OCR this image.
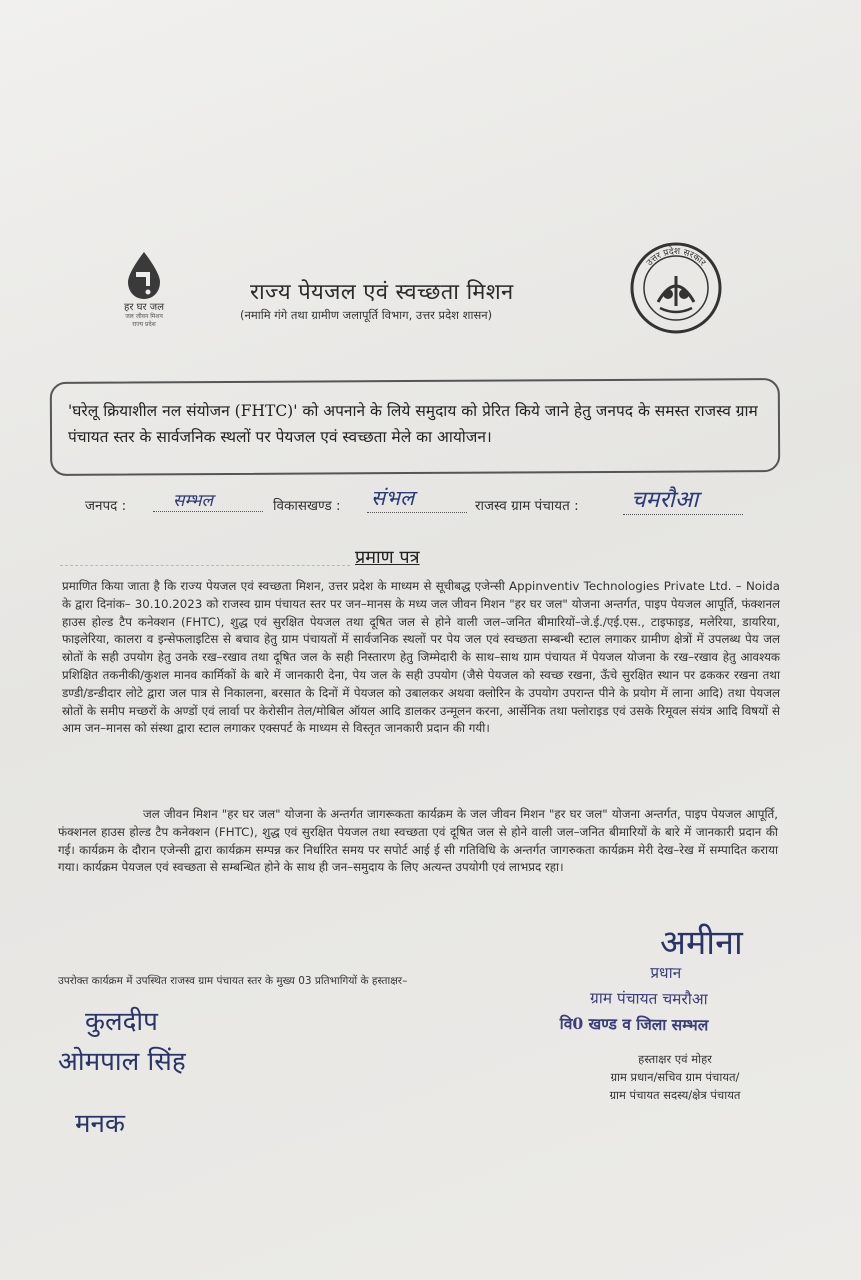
हर घर जल
जल जीवन मिशन
राज्य प्रदेश
राज्य पेयजल एवं स्वच्छता मिशन
(नमामि गंगे तथा ग्रामीण जलापूर्ति विभाग, उत्तर प्रदेश शासन)
उत्तर प्रदेश सरकार
'घरेलू क्रियाशील नल संयोजन (FHTC)' को अपनाने के लिये समुदाय को प्रेरित किये जाने हेतु जनपद के समस्त राजस्व ग्राम पंचायत स्तर के सार्वजनिक स्थलों पर पेयजल एवं स्वच्छता मेले का आयोजन।
जनपद :	सम्भल	विकासखण्ड : संभल	राजस्व ग्राम पंचायत :	चमरौआ
प्रमाण पत्र
प्रमाणित किया जाता है कि राज्य पेयजल एवं स्वच्छता मिशन, उत्तर प्रदेश के माध्यम से सूचीबद्ध एजेन्सी Appinventiv Technologies Private Ltd. – Noida के द्वारा दिनांक– 30.10.2023 को राजस्व ग्राम पंचायत स्तर पर जन–मानस के मध्य जल जीवन मिशन "हर घर जल" योजना अन्तर्गत, पाइप पेयजल आपूर्ति, फंक्शनल हाउस होल्ड टैप कनेक्शन (FHTC), शुद्ध एवं सुरक्षित पेयजल तथा दूषित जल से होने वाली जल–जनित बीमारियों–जे.ई./एई.एस., टाइफाइड, मलेरिया, डायरिया, फाइलेरिया, कालरा व इन्सेफलाइटिस से बचाव हेतु ग्राम पंचायतों में सार्वजनिक स्थलों पर पेय जल एवं स्वच्छता सम्बन्धी स्टाल लगाकर ग्रामीण क्षेत्रों में उपलब्ध पेय जल स्रोतों के सही उपयोग हेतु उनके रख–रखाव तथा दूषित जल के सही निस्तारण हेतु जिम्मेदारी के साथ–साथ ग्राम पंचायत में पेयजल योजना के रख–रखाव हेतु आवश्यक प्रशिक्षित तकनीकी/कुशल मानव कार्मिकों के बारे में जानकारी देना, पेय जल के सही उपयोग (जैसे पेयजल को स्वच्छ रखना, ऊँचे सुरक्षित स्थान पर ढककर रखना तथा डण्डी/डन्डीदार लोटे द्वारा जल पात्र से निकालना, बरसात के दिनों में पेयजल को उबालकर अथवा क्लोरिन के उपयोग उपरान्त पीने के प्रयोग में लाना आदि) तथा पेयजल स्रोतों के समीप मच्छरों के अण्डों एवं लार्वा पर केरोसीन तेल/मोबिल ऑयल आदि डालकर उन्मूलन करना, आर्सेनिक तथा फ्लोराइड एवं उसके रिमूवल संयंत्र आदि विषयों से आम जन–मानस को संस्था द्वारा स्टाल लगाकर एक्सपर्ट के माध्यम से विस्तृत जानकारी प्रदान की गयी।
जल जीवन मिशन "हर घर जल" योजना के अन्तर्गत जागरूकता कार्यक्रम के जल जीवन मिशन "हर घर जल" योजना अन्तर्गत, पाइप पेयजल आपूर्ति, फंक्शनल हाउस होल्ड टैप कनेक्शन (FHTC), शुद्ध एवं सुरक्षित पेयजल तथा स्वच्छता एवं दूषित जल से होने वाली जल–जनित बीमारियों के बारे में जानकारी प्रदान की गई। कार्यक्रम के दौरान एजेन्सी द्वारा कार्यक्रम सम्पन्न कर निर्धारित समय पर सपोर्ट आई ई सी गतिविधि के अन्तर्गत जागरुकता कार्यक्रम मेरी देख–रेख में सम्पादित कराया गया। कार्यक्रम पेयजल एवं स्वच्छता से सम्बन्धित होने के साथ ही जन–समुदाय के लिए अत्यन्त उपयोगी एवं लाभप्रद रहा।
अमीना
प्रधान
ग्राम पंचायत चमरौआ
वि0 खण्ड व जिला सम्भल
उपरोक्त कार्यक्रम में उपस्थित राजस्व ग्राम पंचायत स्तर के मुख्य 03 प्रतिभागियों के हस्ताक्षर–
कुलदीप
ओमपाल सिंह
मनक
हस्ताक्षर एवं मोहर
ग्राम प्रधान/सचिव ग्राम पंचायत/
ग्राम पंचायत सदस्य/क्षेत्र पंचायत
